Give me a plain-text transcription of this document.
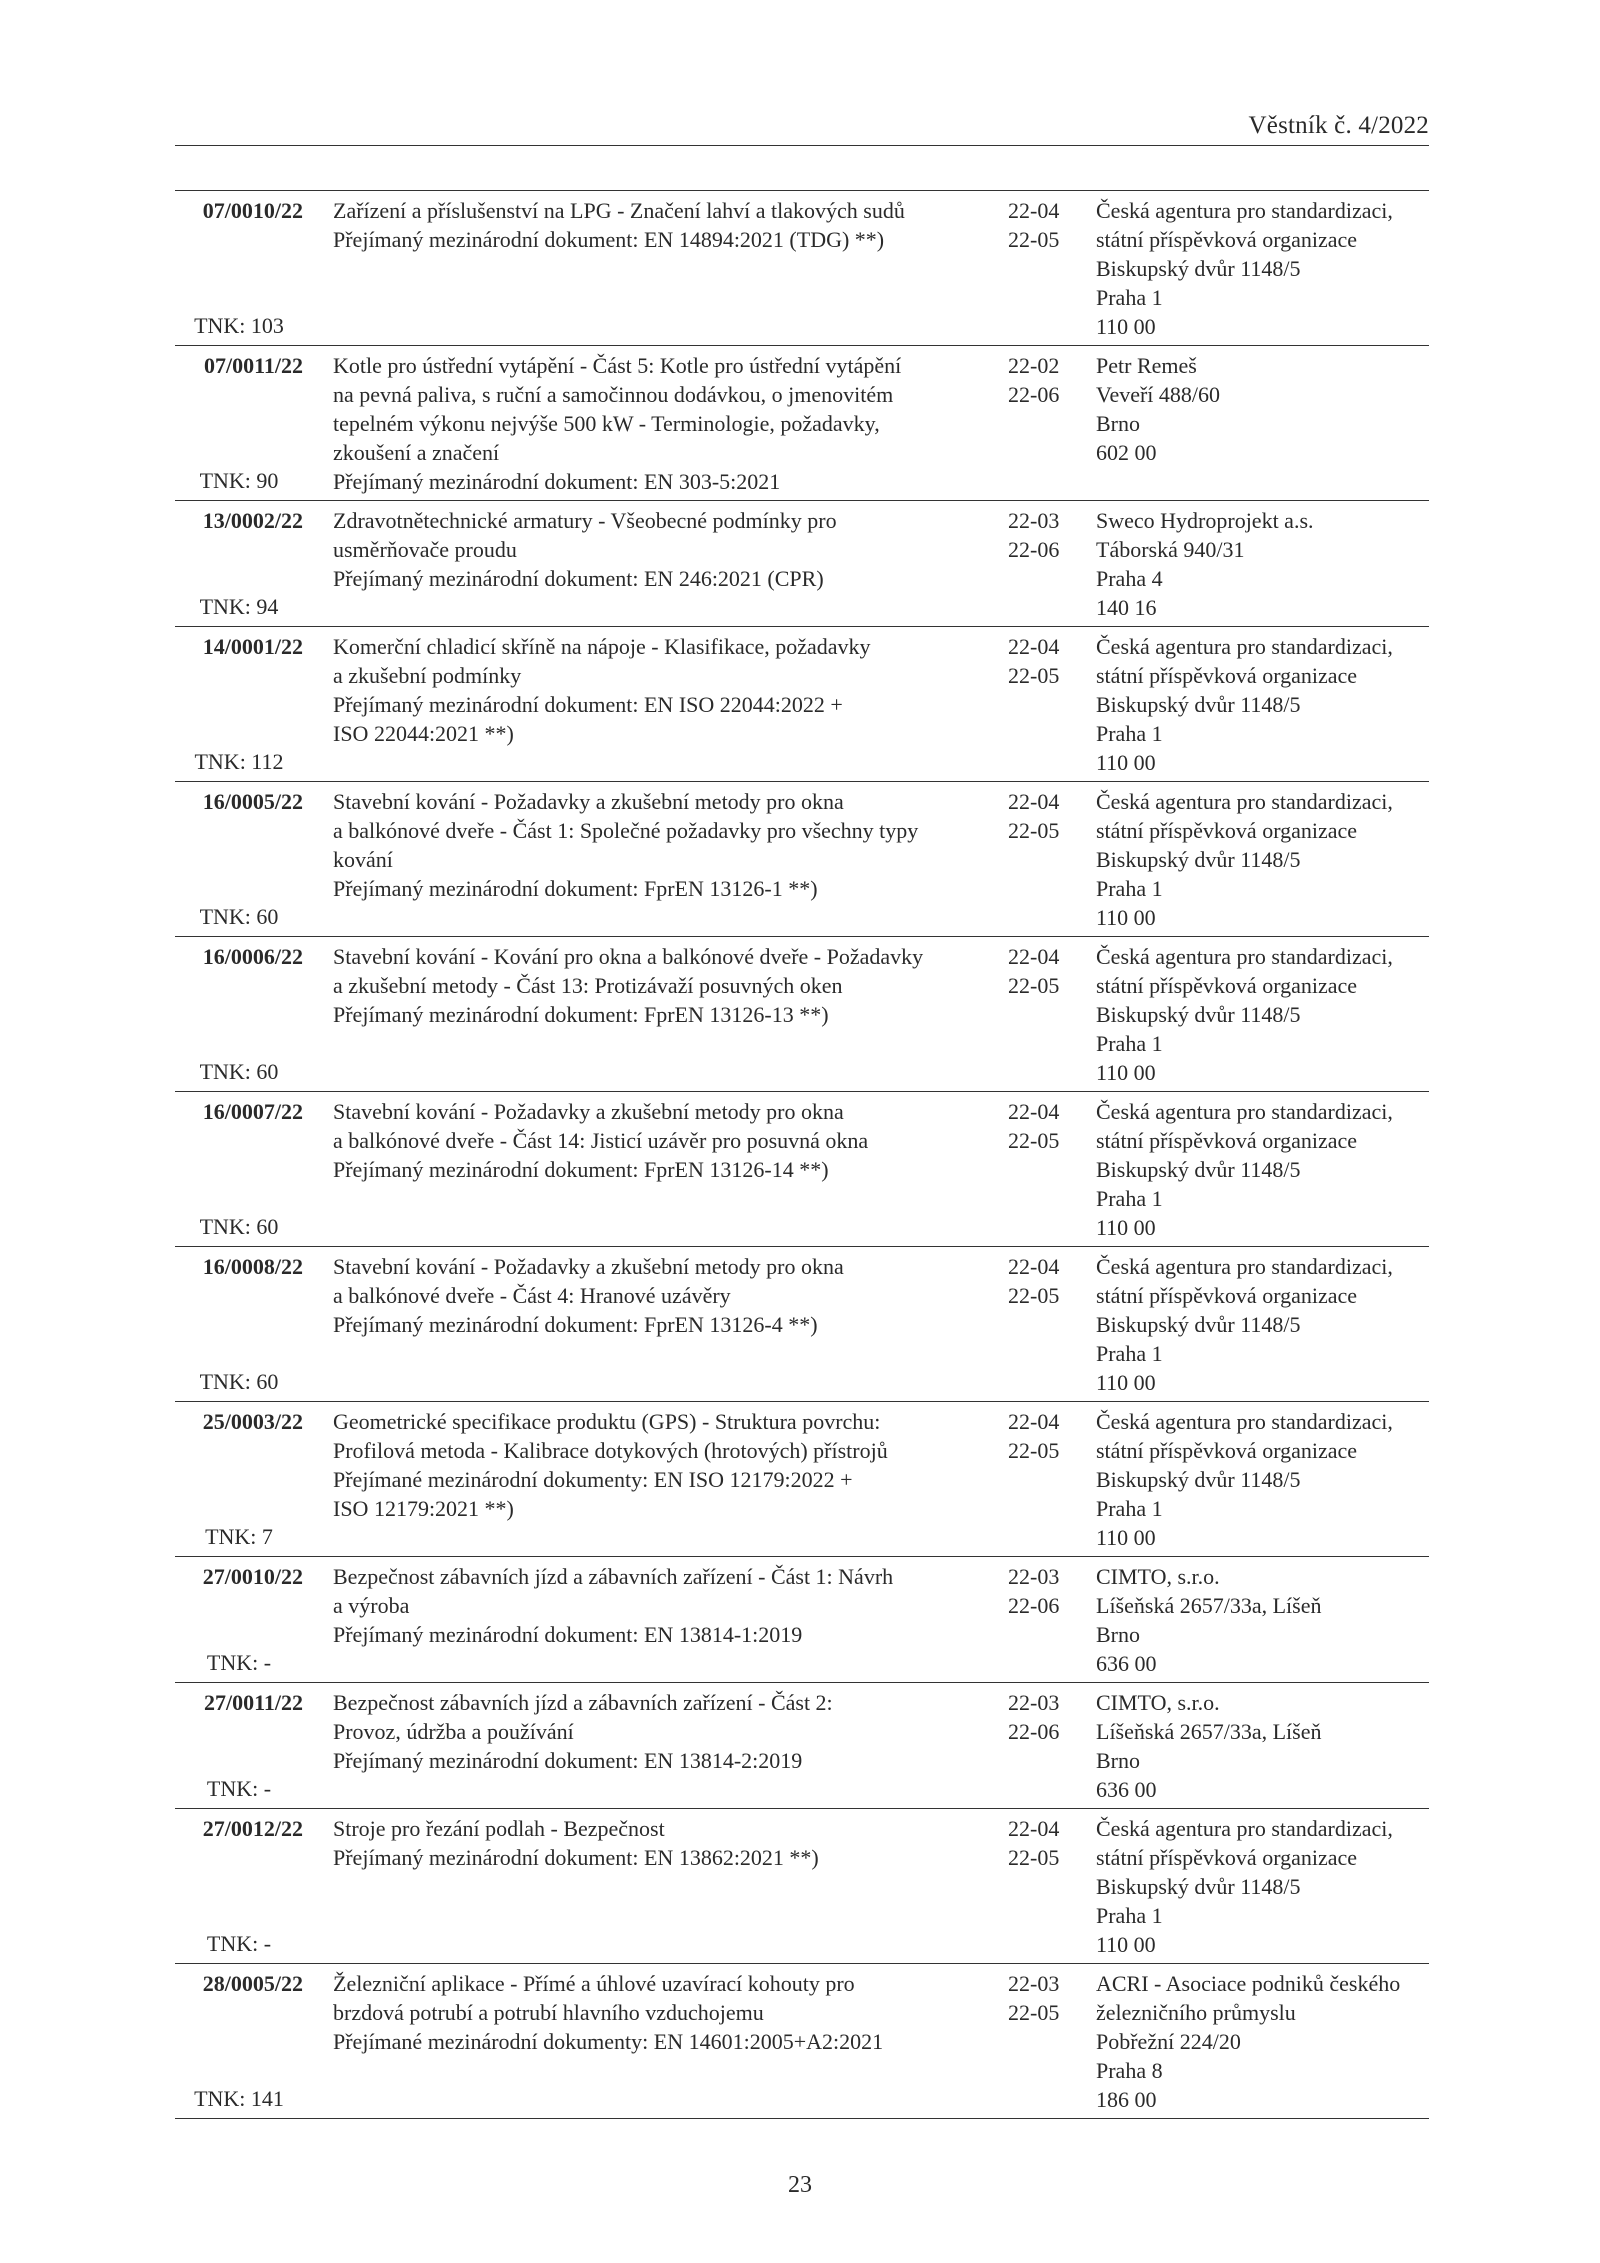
Věstník č. 4/2022
07/0010/22
TNK: 103
Zařízení a příslušenství na LPG - Značení lahví a tlakových sudů
Přejímaný mezinárodní dokument: EN 14894:2021 (TDG) **)
22-04
22-05
Česká agentura pro standardizaci,
státní příspěvková organizace
Biskupský dvůr 1148/5
Praha 1
110 00
07/0011/22
TNK: 90
Kotle pro ústřední vytápění - Část 5: Kotle pro ústřední vytápění
na pevná paliva, s ruční a samočinnou dodávkou, o jmenovitém
tepelném výkonu nejvýše 500 kW - Terminologie, požadavky,
zkoušení a značení
Přejímaný mezinárodní dokument: EN 303-5:2021
22-02
22-06
Petr Remeš
Veveří 488/60
Brno
602 00
13/0002/22
TNK: 94
Zdravotnětechnické armatury - Všeobecné podmínky pro
usměrňovače proudu
Přejímaný mezinárodní dokument: EN 246:2021 (CPR)
22-03
22-06
Sweco Hydroprojekt a.s.
Táborská 940/31
Praha 4
140 16
14/0001/22
TNK: 112
Komerční chladicí skříně na nápoje - Klasifikace, požadavky
a zkušební podmínky
Přejímaný mezinárodní dokument: EN ISO 22044:2022 +
ISO 22044:2021 **)
22-04
22-05
Česká agentura pro standardizaci,
státní příspěvková organizace
Biskupský dvůr 1148/5
Praha 1
110 00
16/0005/22
TNK: 60
Stavební kování - Požadavky a zkušební metody pro okna
a balkónové dveře - Část 1: Společné požadavky pro všechny typy
kování
Přejímaný mezinárodní dokument: FprEN 13126-1 **)
22-04
22-05
Česká agentura pro standardizaci,
státní příspěvková organizace
Biskupský dvůr 1148/5
Praha 1
110 00
16/0006/22
TNK: 60
Stavební kování - Kování pro okna a balkónové dveře - Požadavky
a zkušební metody - Část 13: Protizávaží posuvných oken
Přejímaný mezinárodní dokument: FprEN 13126-13 **)
22-04
22-05
Česká agentura pro standardizaci,
státní příspěvková organizace
Biskupský dvůr 1148/5
Praha 1
110 00
16/0007/22
TNK: 60
Stavební kování - Požadavky a zkušební metody pro okna
a balkónové dveře - Část 14: Jisticí uzávěr pro posuvná okna
Přejímaný mezinárodní dokument: FprEN 13126-14 **)
22-04
22-05
Česká agentura pro standardizaci,
státní příspěvková organizace
Biskupský dvůr 1148/5
Praha 1
110 00
16/0008/22
TNK: 60
Stavební kování - Požadavky a zkušební metody pro okna
a balkónové dveře - Část 4: Hranové uzávěry
Přejímaný mezinárodní dokument: FprEN 13126-4 **)
22-04
22-05
Česká agentura pro standardizaci,
státní příspěvková organizace
Biskupský dvůr 1148/5
Praha 1
110 00
25/0003/22
TNK: 7
Geometrické specifikace produktu (GPS) - Struktura povrchu:
Profilová metoda - Kalibrace dotykových (hrotových) přístrojů
Přejímané mezinárodní dokumenty: EN ISO 12179:2022 +
ISO 12179:2021 **)
22-04
22-05
Česká agentura pro standardizaci,
státní příspěvková organizace
Biskupský dvůr 1148/5
Praha 1
110 00
27/0010/22
TNK: -
Bezpečnost zábavních jízd a zábavních zařízení - Část 1: Návrh
a výroba
Přejímaný mezinárodní dokument: EN 13814-1:2019
22-03
22-06
CIMTO, s.r.o.
Líšeňská 2657/33a, Líšeň
Brno
636 00
27/0011/22
TNK: -
Bezpečnost zábavních jízd a zábavních zařízení - Část 2:
Provoz, údržba a používání
Přejímaný mezinárodní dokument: EN 13814-2:2019
22-03
22-06
CIMTO, s.r.o.
Líšeňská 2657/33a, Líšeň
Brno
636 00
27/0012/22
TNK: -
Stroje pro řezání podlah - Bezpečnost
Přejímaný mezinárodní dokument: EN 13862:2021 **)
22-04
22-05
Česká agentura pro standardizaci,
státní příspěvková organizace
Biskupský dvůr 1148/5
Praha 1
110 00
28/0005/22
TNK: 141
Železniční aplikace - Přímé a úhlové uzavírací kohouty pro
brzdová potrubí a potrubí hlavního vzduchojemu
Přejímané mezinárodní dokumenty: EN 14601:2005+A2:2021
22-03
22-05
ACRI - Asociace podniků českého
železničního průmyslu
Pobřežní 224/20
Praha 8
186 00
23
